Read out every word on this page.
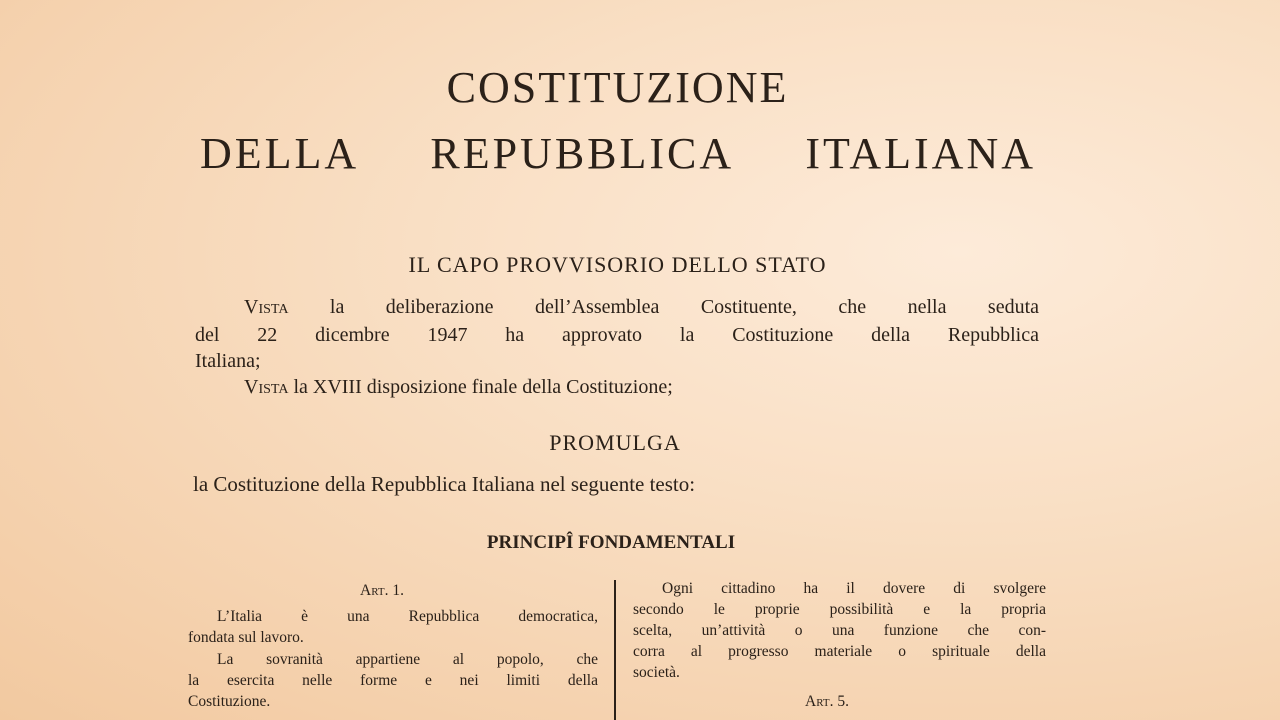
COSTITUZIONE
DELLA REPUBBLICA ITALIANA
IL CAPO PROVVISORIO DELLO STATO
Vista la deliberazione dell’Assemblea Costituente, che nella seduta
del 22 dicembre 1947 ha approvato la Costituzione della Repubblica
Italiana;
Vista la XVIII disposizione finale della Costituzione;
PROMULGA
la Costituzione della Repubblica Italiana nel seguente testo:
PRINCIPÎ FONDAMENTALI
Art. 1.
L’Italia è una Repubblica democratica,
fondata sul lavoro.
La sovranità appartiene al popolo, che
la esercita nelle forme e nei limiti della
Costituzione.
Ogni cittadino ha il dovere di svolgere
secondo le proprie possibilità e la propria
scelta, un’attività o una funzione che con-
corra al progresso materiale o spirituale della
società.
Art. 5.
